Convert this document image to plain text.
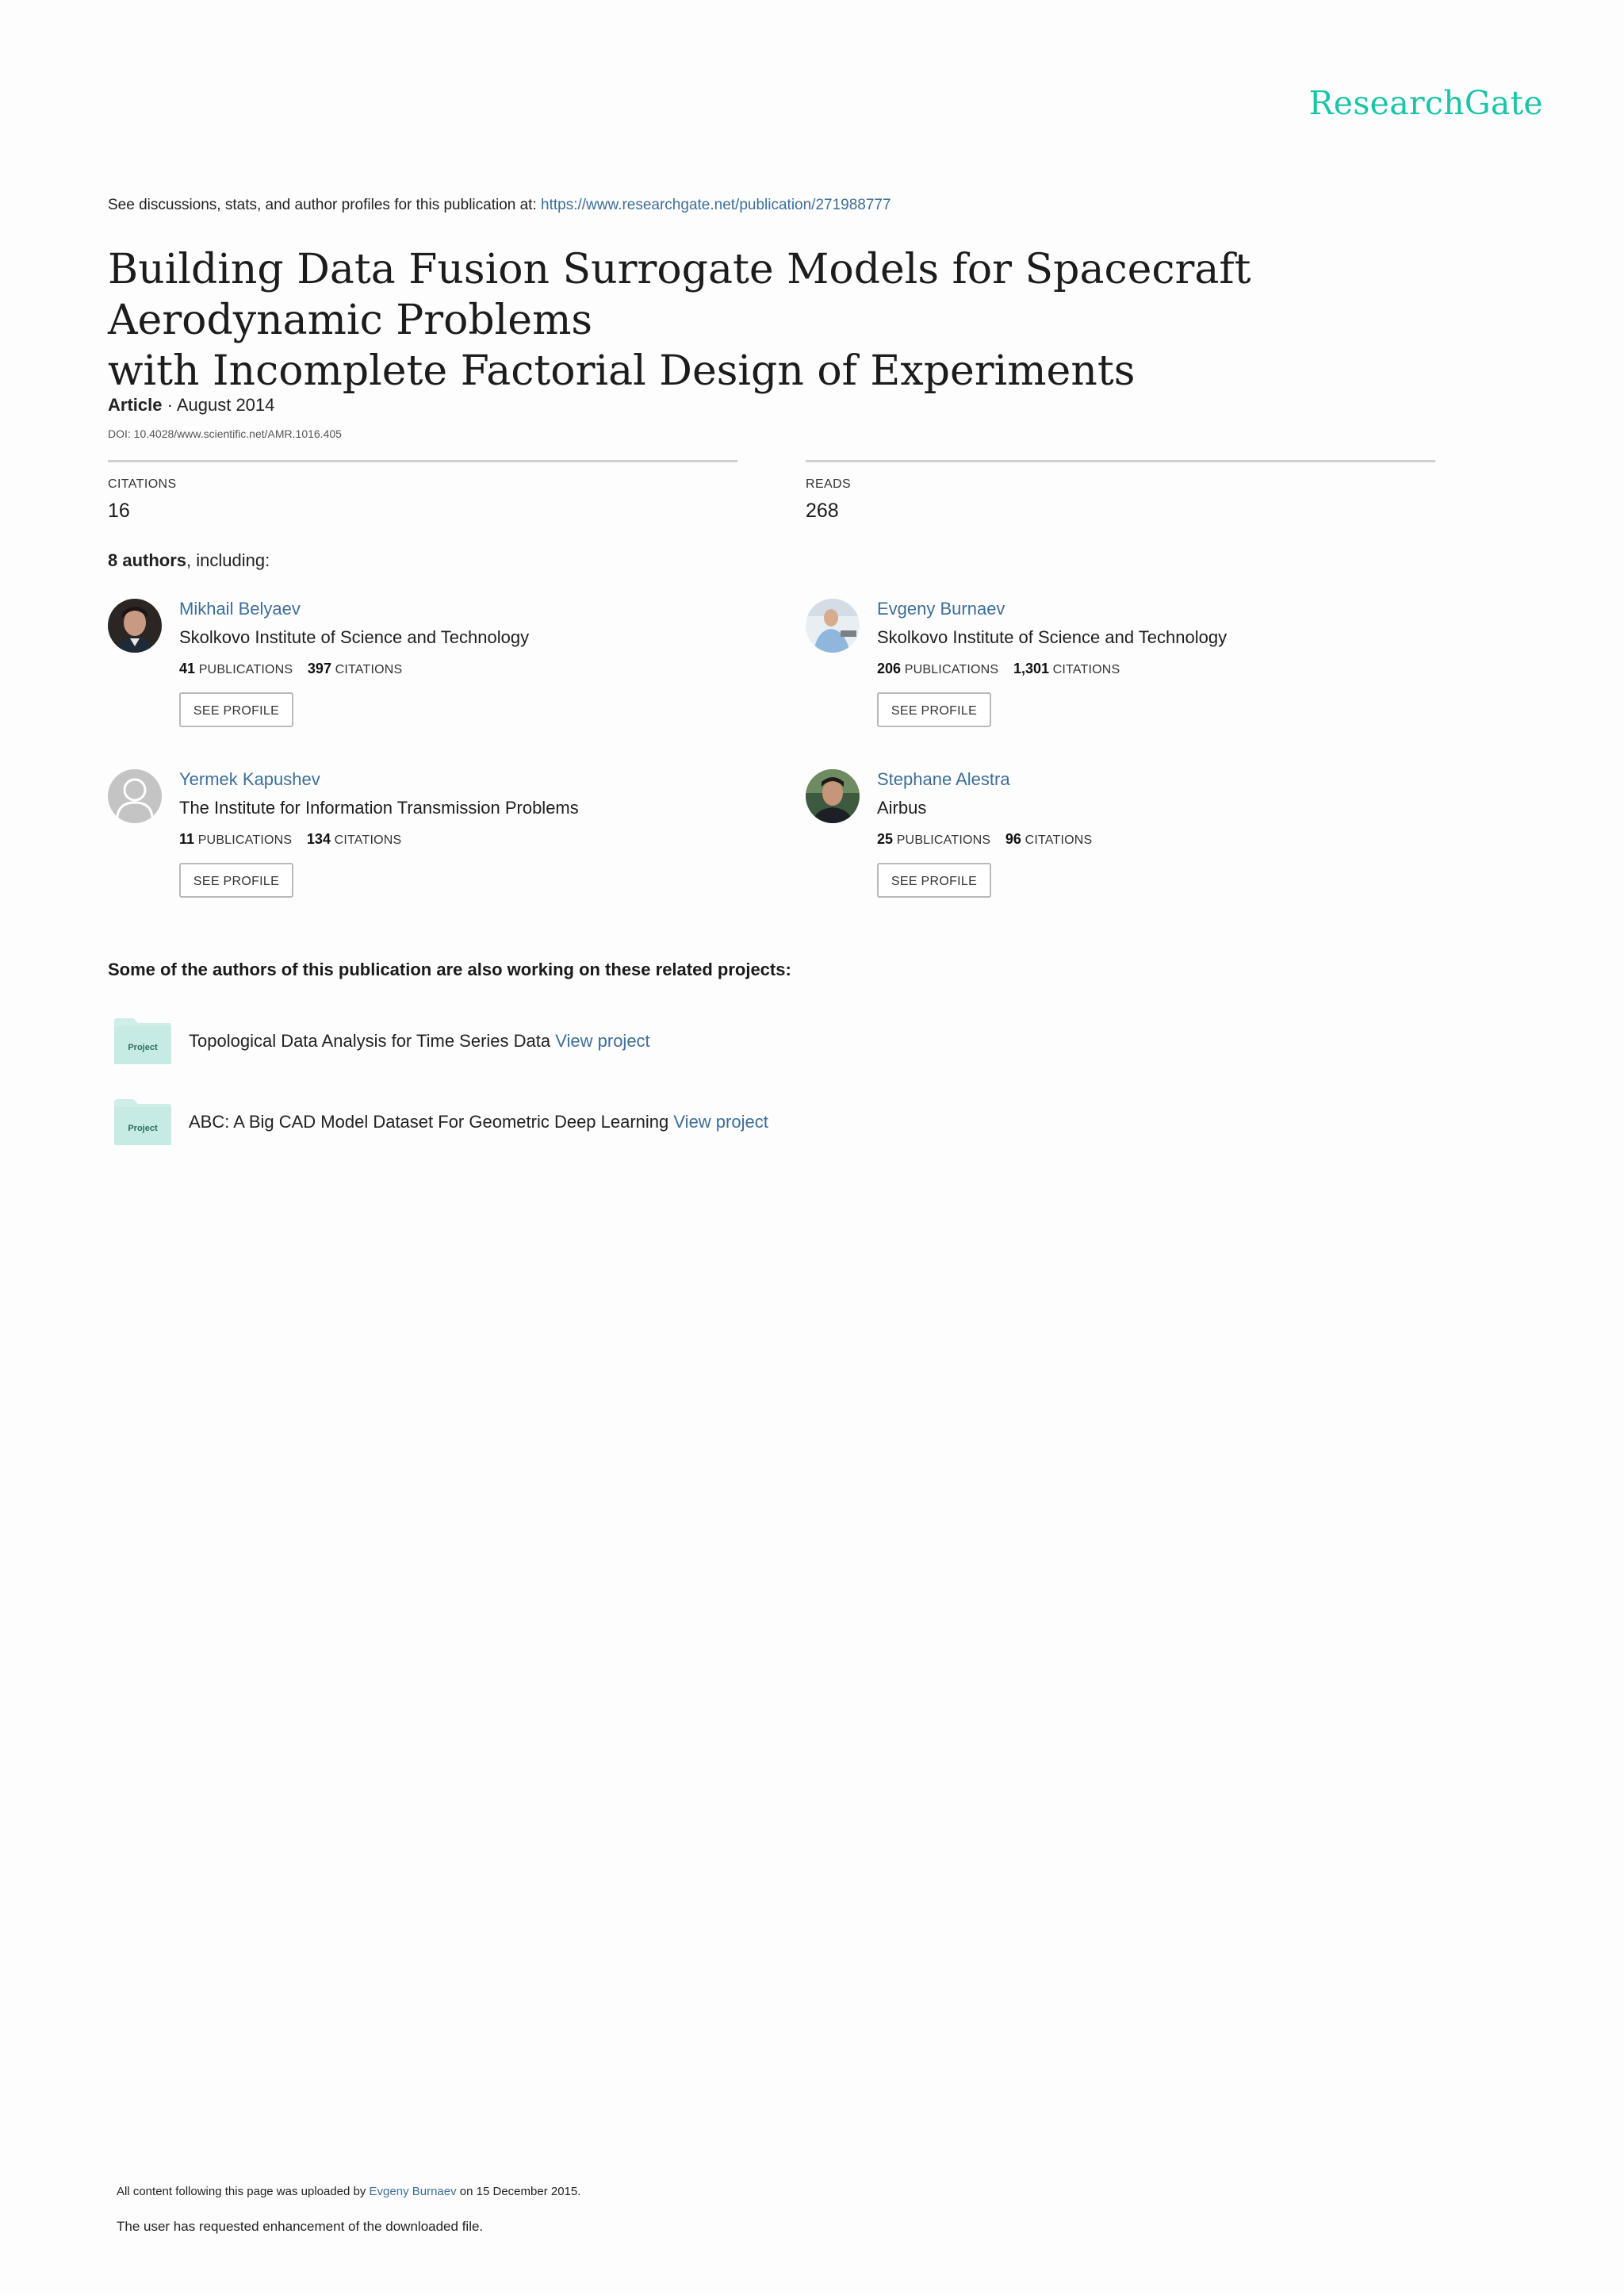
ResearchGate
See discussions, stats, and author profiles for this publication at: https://www.researchgate.net/publication/271988777
Building Data Fusion Surrogate Models for Spacecraft Aerodynamic Problems
with Incomplete Factorial Design of Experiments
Article · August 2014
DOI: 10.4028/www.scientific.net/AMR.1016.405
CITATIONS
16
READS
268
8 authors, including:
Mikhail Belyaev
Skolkovo Institute of Science and Technology
41 PUBLICATIONS 397 CITATIONS
SEE PROFILE
Evgeny Burnaev
Skolkovo Institute of Science and Technology
206 PUBLICATIONS 1,301 CITATIONS
SEE PROFILE
Yermek Kapushev
The Institute for Information Transmission Problems
11 PUBLICATIONS 134 CITATIONS
SEE PROFILE
Stephane Alestra
Airbus
25 PUBLICATIONS 96 CITATIONS
SEE PROFILE
Some of the authors of this publication are also working on these related projects:
Project Topological Data Analysis for Time Series Data View project
Project ABC: A Big CAD Model Dataset For Geometric Deep Learning View project
All content following this page was uploaded by Evgeny Burnaev on 15 December 2015.
The user has requested enhancement of the downloaded file.
